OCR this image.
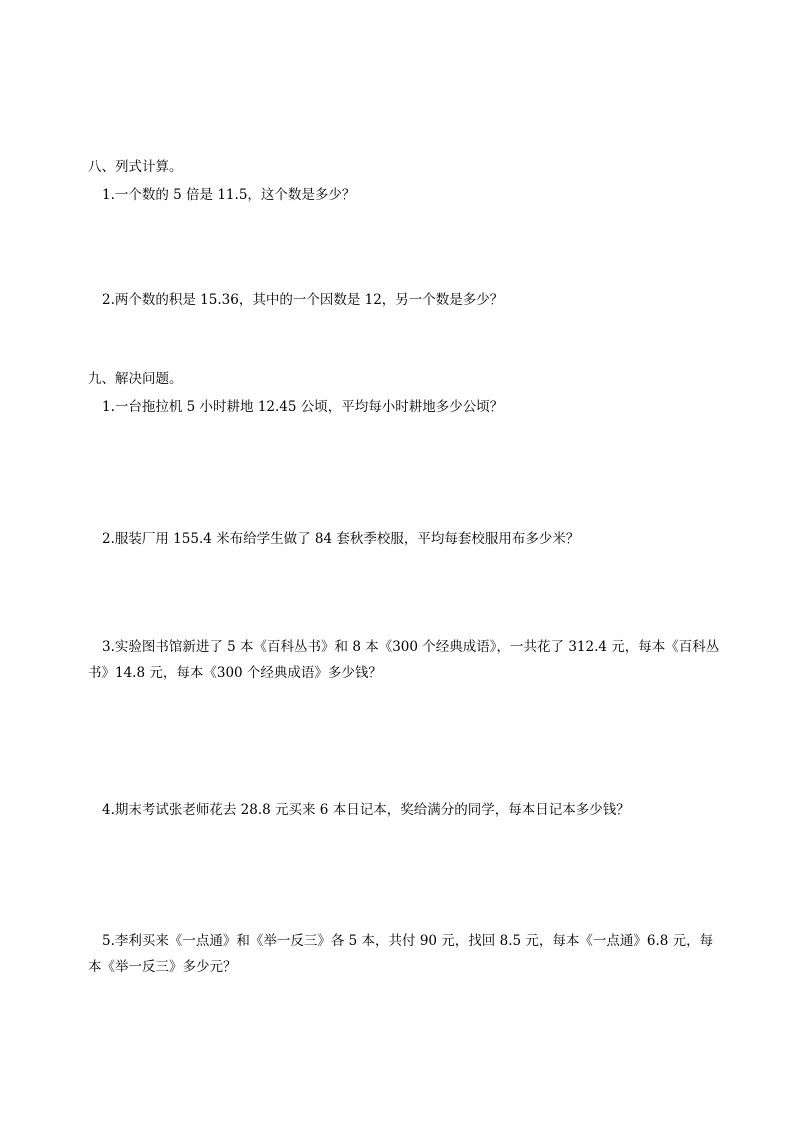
八、列式计算。
1.一个数的 5 倍是 11.5，这个数是多少？
2.两个数的积是 15.36，其中的一个因数是 12，另一个数是多少？
九、解决问题。
1.一台拖拉机 5 小时耕地 12.45 公顷，平均每小时耕地多少公顷？
2.服装厂用 155.4 米布给学生做了 84 套秋季校服，平均每套校服用布多少米？
3.实验图书馆新进了 5 本《百科丛书》和 8 本《300 个经典成语》，一共花了 312.4 元，每本《百科丛
书》14.8 元，每本《300 个经典成语》多少钱？
4.期末考试张老师花去 28.8 元买来 6 本日记本，奖给满分的同学，每本日记本多少钱？
5.李利买来《一点通》和《举一反三》各 5 本，共付 90 元，找回 8.5 元，每本《一点通》6.8 元，每
本《举一反三》多少元？
